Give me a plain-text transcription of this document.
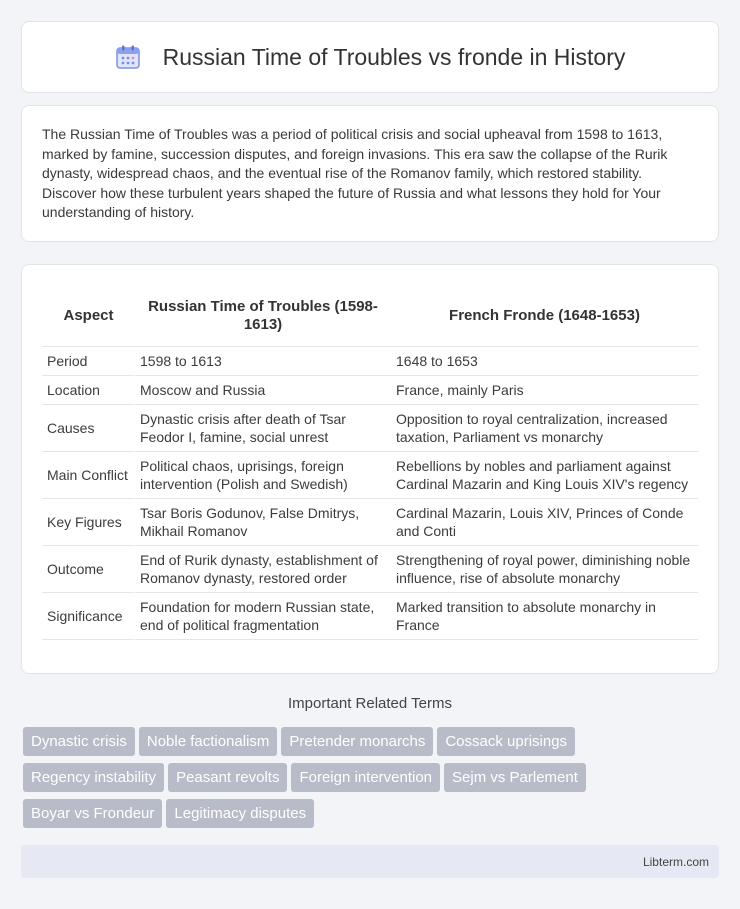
Russian Time of Troubles vs fronde in History

The Russian Time of Troubles was a period of political crisis and social upheaval from 1598 to 1613, marked by famine, succession disputes, and foreign invasions. This era saw the collapse of the Rurik dynasty, widespread chaos, and the eventual rise of the Romanov family, which restored stability. Discover how these turbulent years shaped the future of Russia and what lessons they hold for Your understanding of history.

Aspect	Russian Time of Troubles (1598-1613)	French Fronde (1648-1653)
Period	1598 to 1613	1648 to 1653
Location	Moscow and Russia	France, mainly Paris
Causes	Dynastic crisis after death of Tsar Feodor I, famine, social unrest	Opposition to royal centralization, increased taxation, Parliament vs monarchy
Main Conflict	Political chaos, uprisings, foreign intervention (Polish and Swedish)	Rebellions by nobles and parliament against Cardinal Mazarin and King Louis XIV's regency
Key Figures	Tsar Boris Godunov, False Dmitrys, Mikhail Romanov	Cardinal Mazarin, Louis XIV, Princes of Conde and Conti
Outcome	End of Rurik dynasty, establishment of Romanov dynasty, restored order	Strengthening of royal power, diminishing noble influence, rise of absolute monarchy
Significance	Foundation for modern Russian state, end of political fragmentation	Marked transition to absolute monarchy in France
Important Related Terms
Dynastic crisis Noble factionalism Pretender monarchs Cossack uprisingsRegency instability Peasant revolts Foreign intervention Sejm vs ParlementBoyar vs Frondeur Legitimacy disputes
Libterm.com
